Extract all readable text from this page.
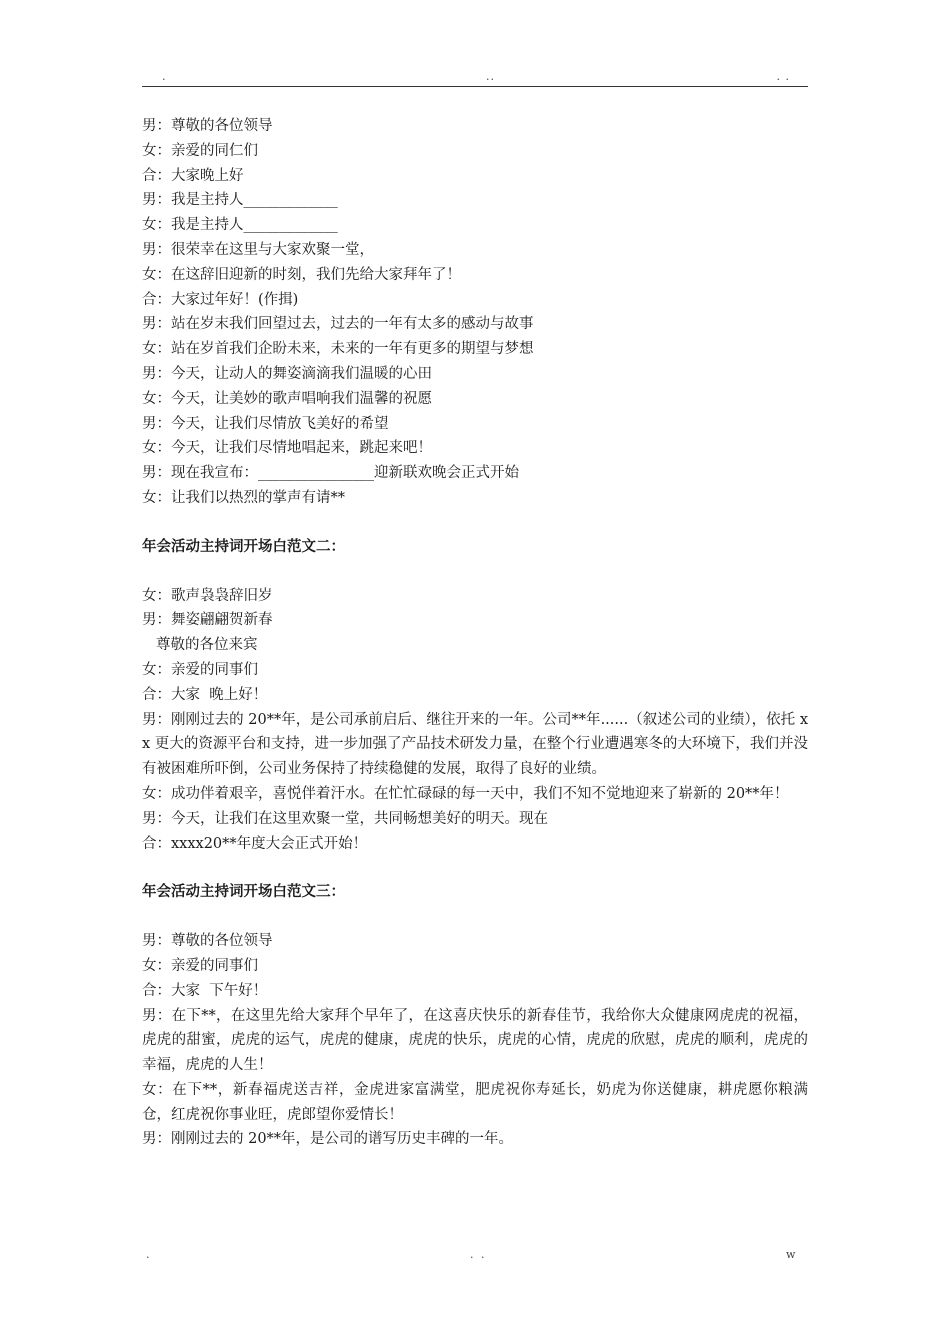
.	..	. .
男：尊敬的各位领导
女：亲爱的同仁们
合：大家晚上好
男：我是主持人_____________
女：我是主持人_____________
男：很荣幸在这里与大家欢聚一堂，
女：在这辞旧迎新的时刻，我们先给大家拜年了！
合：大家过年好！(作揖)
男：站在岁末我们回望过去，过去的一年有太多的感动与故事
女：站在岁首我们企盼未来，未来的一年有更多的期望与梦想
男：今天，让动人的舞姿滴滴我们温暖的心田
女：今天，让美妙的歌声唱响我们温馨的祝愿
男：今天，让我们尽情放飞美好的希望
女：今天，让我们尽情地唱起来，跳起来吧！
男：现在我宣布：________________迎新联欢晚会正式开始
女：让我们以热烈的掌声有请**
年会活动主持词开场白范文二：
女：歌声袅袅辞旧岁
男：舞姿翩翩贺新春
尊敬的各位来宾
女：亲爱的同事们
合：大家  晚上好！
男：刚刚过去的 20**年，是公司承前启后、继往开来的一年。公司**年......（叙述公司的业绩），依托 xx 更大的资源平台和支持，进一步加强了产品技术研发力量，在整个行业遭遇寒冬的大环境下，我们并没有被困难所吓倒，公司业务保持了持续稳健的发展，取得了良好的业绩。
女：成功伴着艰辛，喜悦伴着汗水。在忙忙碌碌的每一天中，我们不知不觉地迎来了崭新的 20**年！
男：今天，让我们在这里欢聚一堂，共同畅想美好的明天。现在
合：xxxx20**年度大会正式开始！
年会活动主持词开场白范文三：
男：尊敬的各位领导
女：亲爱的同事们
合：大家  下午好！
男：在下**，在这里先给大家拜个早年了，在这喜庆快乐的新春佳节，我给你大众健康网虎虎的祝福，虎虎的甜蜜，虎虎的运气，虎虎的健康，虎虎的快乐，虎虎的心情，虎虎的欣慰，虎虎的顺利，虎虎的幸福，虎虎的人生！
女：在下**，新春福虎送吉祥，金虎进家富满堂，肥虎祝你寿延长，奶虎为你送健康，耕虎愿你粮满仓，红虎祝你事业旺，虎郎望你爱情长！
男：刚刚过去的 20**年，是公司的谱写历史丰碑的一年。
.	. .	w
